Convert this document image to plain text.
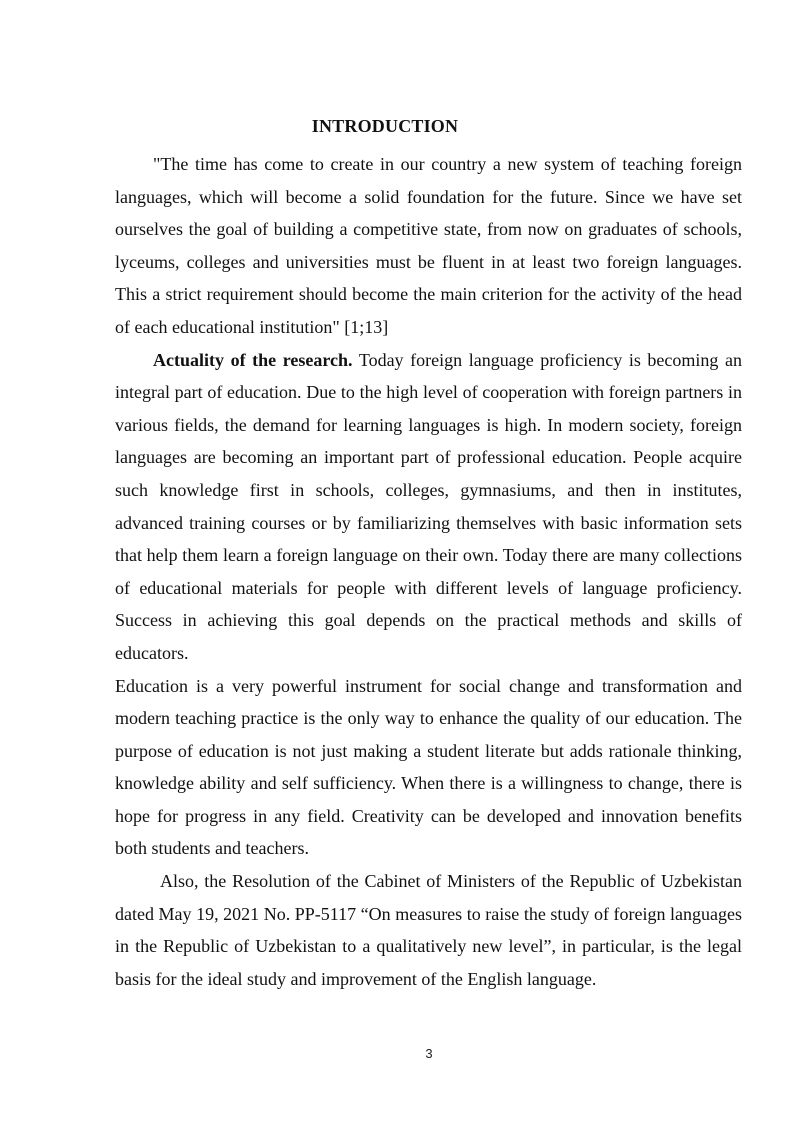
INTRODUCTION

"The time has come to create in our country a new system of teaching foreign languages, which will become a solid foundation for the future. Since we have set ourselves the goal of building a competitive state, from now on graduates of schools, lyceums, colleges and universities must be fluent in at least two foreign languages. This a strict requirement should become the main criterion for the activity of the head of each educational institution" [1;13]

Actuality of the research. Today foreign language proficiency is becoming an integral part of education. Due to the high level of cooperation with foreign partners in various fields, the demand for learning languages is high. In modern society, foreign languages are becoming an important part of professional education. People acquire such knowledge first in schools, colleges, gymnasiums, and then in institutes, advanced training courses or by familiarizing themselves with basic information sets that help them learn a foreign language on their own. Today there are many collections of educational materials for people with different levels of language proficiency. Success in achieving this goal depends on the practical methods and skills of educators.

Education is a very powerful instrument for social change and transformation and modern teaching practice is the only way to enhance the quality of our education. The purpose of education is not just making a student literate but adds rationale thinking, knowledge ability and self sufficiency. When there is a willingness to change, there is hope for progress in any field. Creativity can be developed and innovation benefits both students and teachers.

Also, the Resolution of the Cabinet of Ministers of the Republic of Uzbekistan dated May 19, 2021 No. PP-5117 “On measures to raise the study of foreign languages in the Republic of Uzbekistan to a qualitatively new level”, in particular, is the legal basis for the ideal study and improvement of the English language.

3
